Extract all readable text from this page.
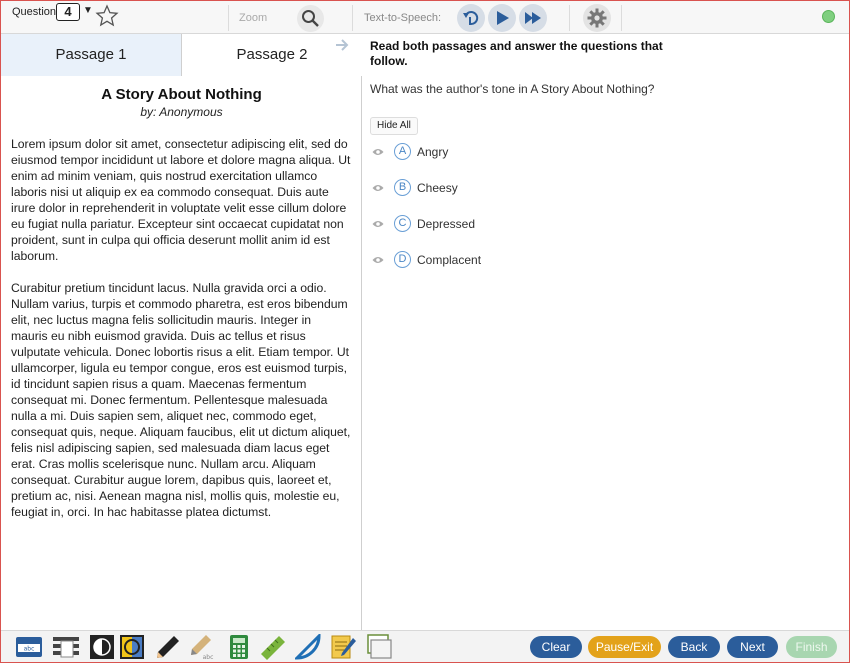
Question 4	▼
Zoom	Text-to-Speech:
Passage 1	Passage 2
A Story About Nothing
by: Anonymous

Lorem ipsum dolor sit amet, consectetur adipiscing elit, sed do eiusmod tempor incididunt ut labore et dolore magna aliqua. Ut enim ad minim veniam, quis nostrud exercitation ullamco laboris nisi ut aliquip ex ea commodo consequat. Duis aute irure dolor in reprehenderit in voluptate velit esse cillum dolore eu fugiat nulla pariatur. Excepteur sint occaecat cupidatat non proident, sunt in culpa qui officia deserunt mollit anim id est laborum.

Curabitur pretium tincidunt lacus. Nulla gravida orci a odio. Nullam varius, turpis et commodo pharetra, est eros bibendum elit, nec luctus magna felis sollicitudin mauris. Integer in mauris eu nibh euismod gravida. Duis ac tellus et risus vulputate vehicula. Donec lobortis risus a elit. Etiam tempor. Ut ullamcorper, ligula eu tempor congue, eros est euismod turpis, id tincidunt sapien risus a quam. Maecenas fermentum consequat mi. Donec fermentum. Pellentesque malesuada nulla a mi. Duis sapien sem, aliquet nec, commodo eget, consequat quis, neque. Aliquam faucibus, elit ut dictum aliquet, felis nisl adipiscing sapien, sed malesuada diam lacus eget erat. Cras mollis scelerisque nunc. Nullam arcu. Aliquam consequat. Curabitur augue lorem, dapibus quis, laoreet et, pretium ac, nisi. Aenean magna nisl, mollis quis, molestie eu, feugiat in, orci. In hac habitasse platea dictumst.

Read both passages and answer the questions that follow.
What was the author's tone in A Story About Nothing?
Hide All
A Angry
B Cheesy
C Depressed
D Complacent
abc
abc
Clear	Pause/Exit	Back	Next	Finish
